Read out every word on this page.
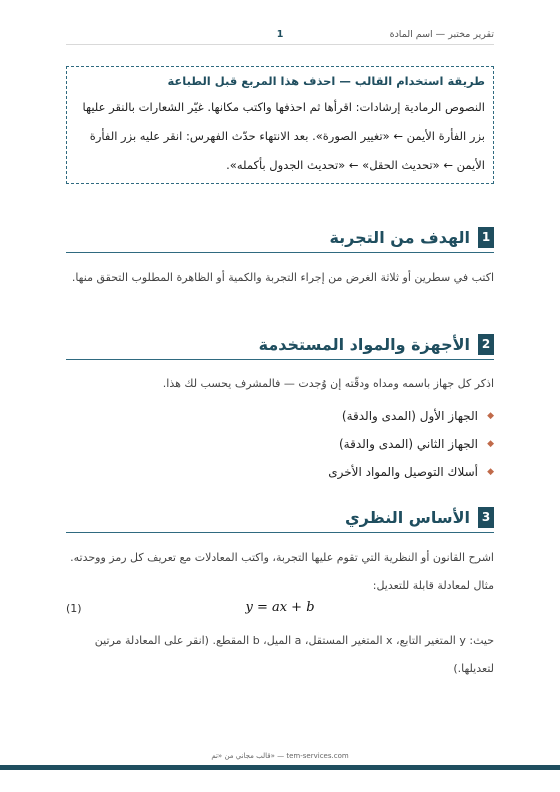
تقرير مختبر — اسم المادة
1
طريقة استخدام القالب — احذف هذا المربع قبل الطباعة
النصوص الرمادية إرشادات: اقرأها ثم احذفها واكتب مكانها. غيّر الشعارات بالنقر عليها بزر الفأرة الأيمن ← «تغيير الصورة». بعد الانتهاء حدّث الفهرس: انقر عليه بزر الفأرة الأيمن ← «تحديث الحقل» ← «تحديث الجدول بأكمله».
1
الهدف من التجربة
اكتب في سطرين أو ثلاثة الغرض من إجراء التجربة والكمية أو الظاهرة المطلوب التحقق منها.
2
الأجهزة والمواد المستخدمة
اذكر كل جهاز باسمه ومداه ودقّته إن وُجدت — فالمشرف يحسب لك هذا.
◆
الجهاز الأول (المدى والدقة)
◆
الجهاز الثاني (المدى والدقة)
◆
أسلاك التوصيل والمواد الأخرى
3
الأساس النظري
اشرح القانون أو النظرية التي تقوم عليها التجربة، واكتب المعادلات مع تعريف كل رمز ووحدته. مثال لمعادلة قابلة للتعديل:
(1)	y = ax + b
حيث: y المتغير التابع، x المتغير المستقل، a الميل، b المقطع. (انقر على المعادلة مرتين لتعديلها.)
قالب مجاني من «تم» — tem-services.com
